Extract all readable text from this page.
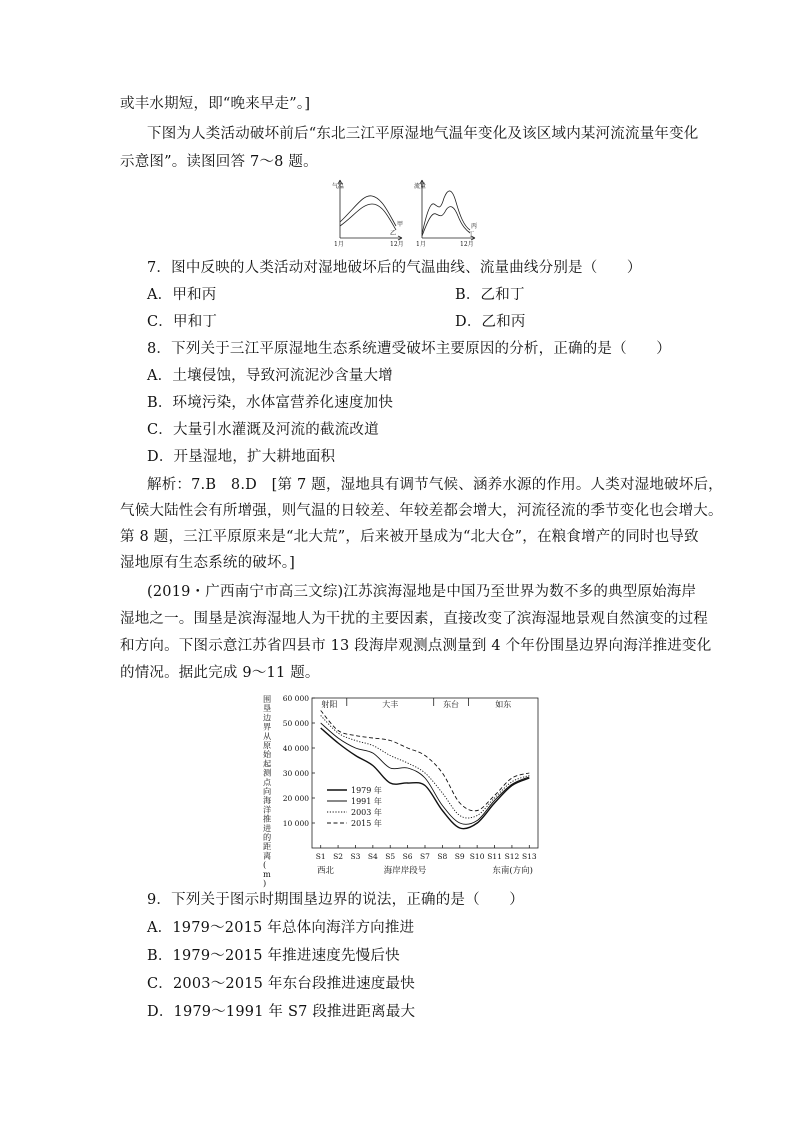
或丰水期短，即“晚来早走”。]
下图为人类活动破坏前后“东北三江平原湿地气温年变化及该区域内某河流流量年变化
示意图”。读图回答 7～8 题。
气温
甲
乙
1月	12月
流量
丙
丁
1月	12月
7．图中反映的人类活动对湿地破坏后的气温曲线、流量曲线分别是（　　）
A．甲和丙	B．乙和丁
C．甲和丁	D．乙和丙
8．下列关于三江平原湿地生态系统遭受破坏主要原因的分析，正确的是（　　）
A．土壤侵蚀，导致河流泥沙含量大增
B．环境污染，水体富营养化速度加快
C．大量引水灌溉及河流的截流改道
D．开垦湿地，扩大耕地面积
解析：7.B　8.D　[第 7 题，湿地具有调节气候、涵养水源的作用。人类对湿地破坏后，
气候大陆性会有所增强，则气温的日较差、年较差都会增大，河流径流的季节变化也会增大。
第 8 题，三江平原原来是“北大荒”，后来被开垦成为“北大仓”，在粮食增产的同时也导致
湿地原有生态系统的破坏。]
(2019・广西南宁市高三文综)江苏滨海湿地是中国乃至世界为数不多的典型原始海岸
湿地之一。围垦是滨海湿地人为干扰的主要因素，直接改变了滨海湿地景观自然演变的过程
和方向。下图示意江苏省四县市 13 段海岸观测点测量到 4 个年份围垦边界向海洋推进变化
的情况。据此完成 9～11 题。
围
垦
边
界
从
原
始
起
测
点
向
海
洋
推
进
的
距
离
(
m
)
10 000
20 000
30 000
40 000
50 000
60 000
射阳	大丰	东台	如东
S1 S2 S3 S4 S5 S6 S7 S8 S9 S10 S11 S12 S13
1979 年
1991 年
2003 年
2015 年
西北	海岸岸段号	东南(方向)
9．下列关于图示时期围垦边界的说法，正确的是（　　）
A．1979～2015 年总体向海洋方向推进
B．1979～2015 年推进速度先慢后快
C．2003～2015 年东台段推进速度最快
D．1979～1991 年 S7 段推进距离最大
